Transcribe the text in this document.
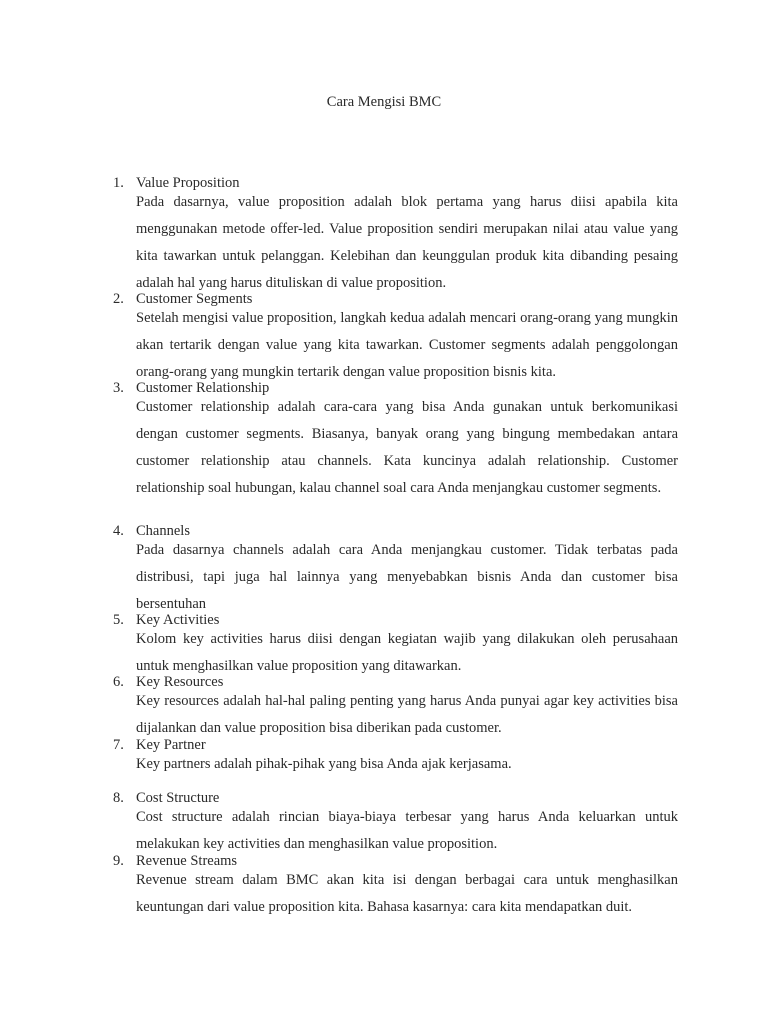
Cara Mengisi BMC
1. Value Proposition
Pada dasarnya, value proposition adalah blok pertama yang harus diisi apabila kita menggunakan metode offer-led. Value proposition sendiri merupakan nilai atau value yang kita tawarkan untuk pelanggan. Kelebihan dan keunggulan produk kita dibanding pesaing adalah hal yang harus dituliskan di value proposition.
2. Customer Segments
Setelah mengisi value proposition, langkah kedua adalah mencari orang-orang yang mungkin akan tertarik dengan value yang kita tawarkan. Customer segments adalah penggolongan orang-orang yang mungkin tertarik dengan value proposition bisnis kita.
3. Customer Relationship
Customer relationship adalah cara-cara yang bisa Anda gunakan untuk berkomunikasi dengan customer segments. Biasanya, banyak orang yang bingung membedakan antara customer relationship atau channels. Kata kuncinya adalah relationship. Customer relationship soal hubungan, kalau channel soal cara Anda menjangkau customer segments.
4. Channels
Pada dasarnya channels adalah cara Anda menjangkau customer. Tidak terbatas pada distribusi, tapi juga hal lainnya yang menyebabkan bisnis Anda dan customer bisa bersentuhan
5. Key Activities
Kolom key activities harus diisi dengan kegiatan wajib yang dilakukan oleh perusahaan untuk menghasilkan value proposition yang ditawarkan.
6. Key Resources
Key resources adalah hal-hal paling penting yang harus Anda punyai agar key activities bisa dijalankan dan value proposition bisa diberikan pada customer.
7. Key Partner
Key partners adalah pihak-pihak yang bisa Anda ajak kerjasama.
8. Cost Structure
Cost structure adalah rincian biaya-biaya terbesar yang harus Anda keluarkan untuk melakukan key activities dan menghasilkan value proposition.
9. Revenue Streams
Revenue stream dalam BMC akan kita isi dengan berbagai cara untuk menghasilkan keuntungan dari value proposition kita. Bahasa kasarnya: cara kita mendapatkan duit.
